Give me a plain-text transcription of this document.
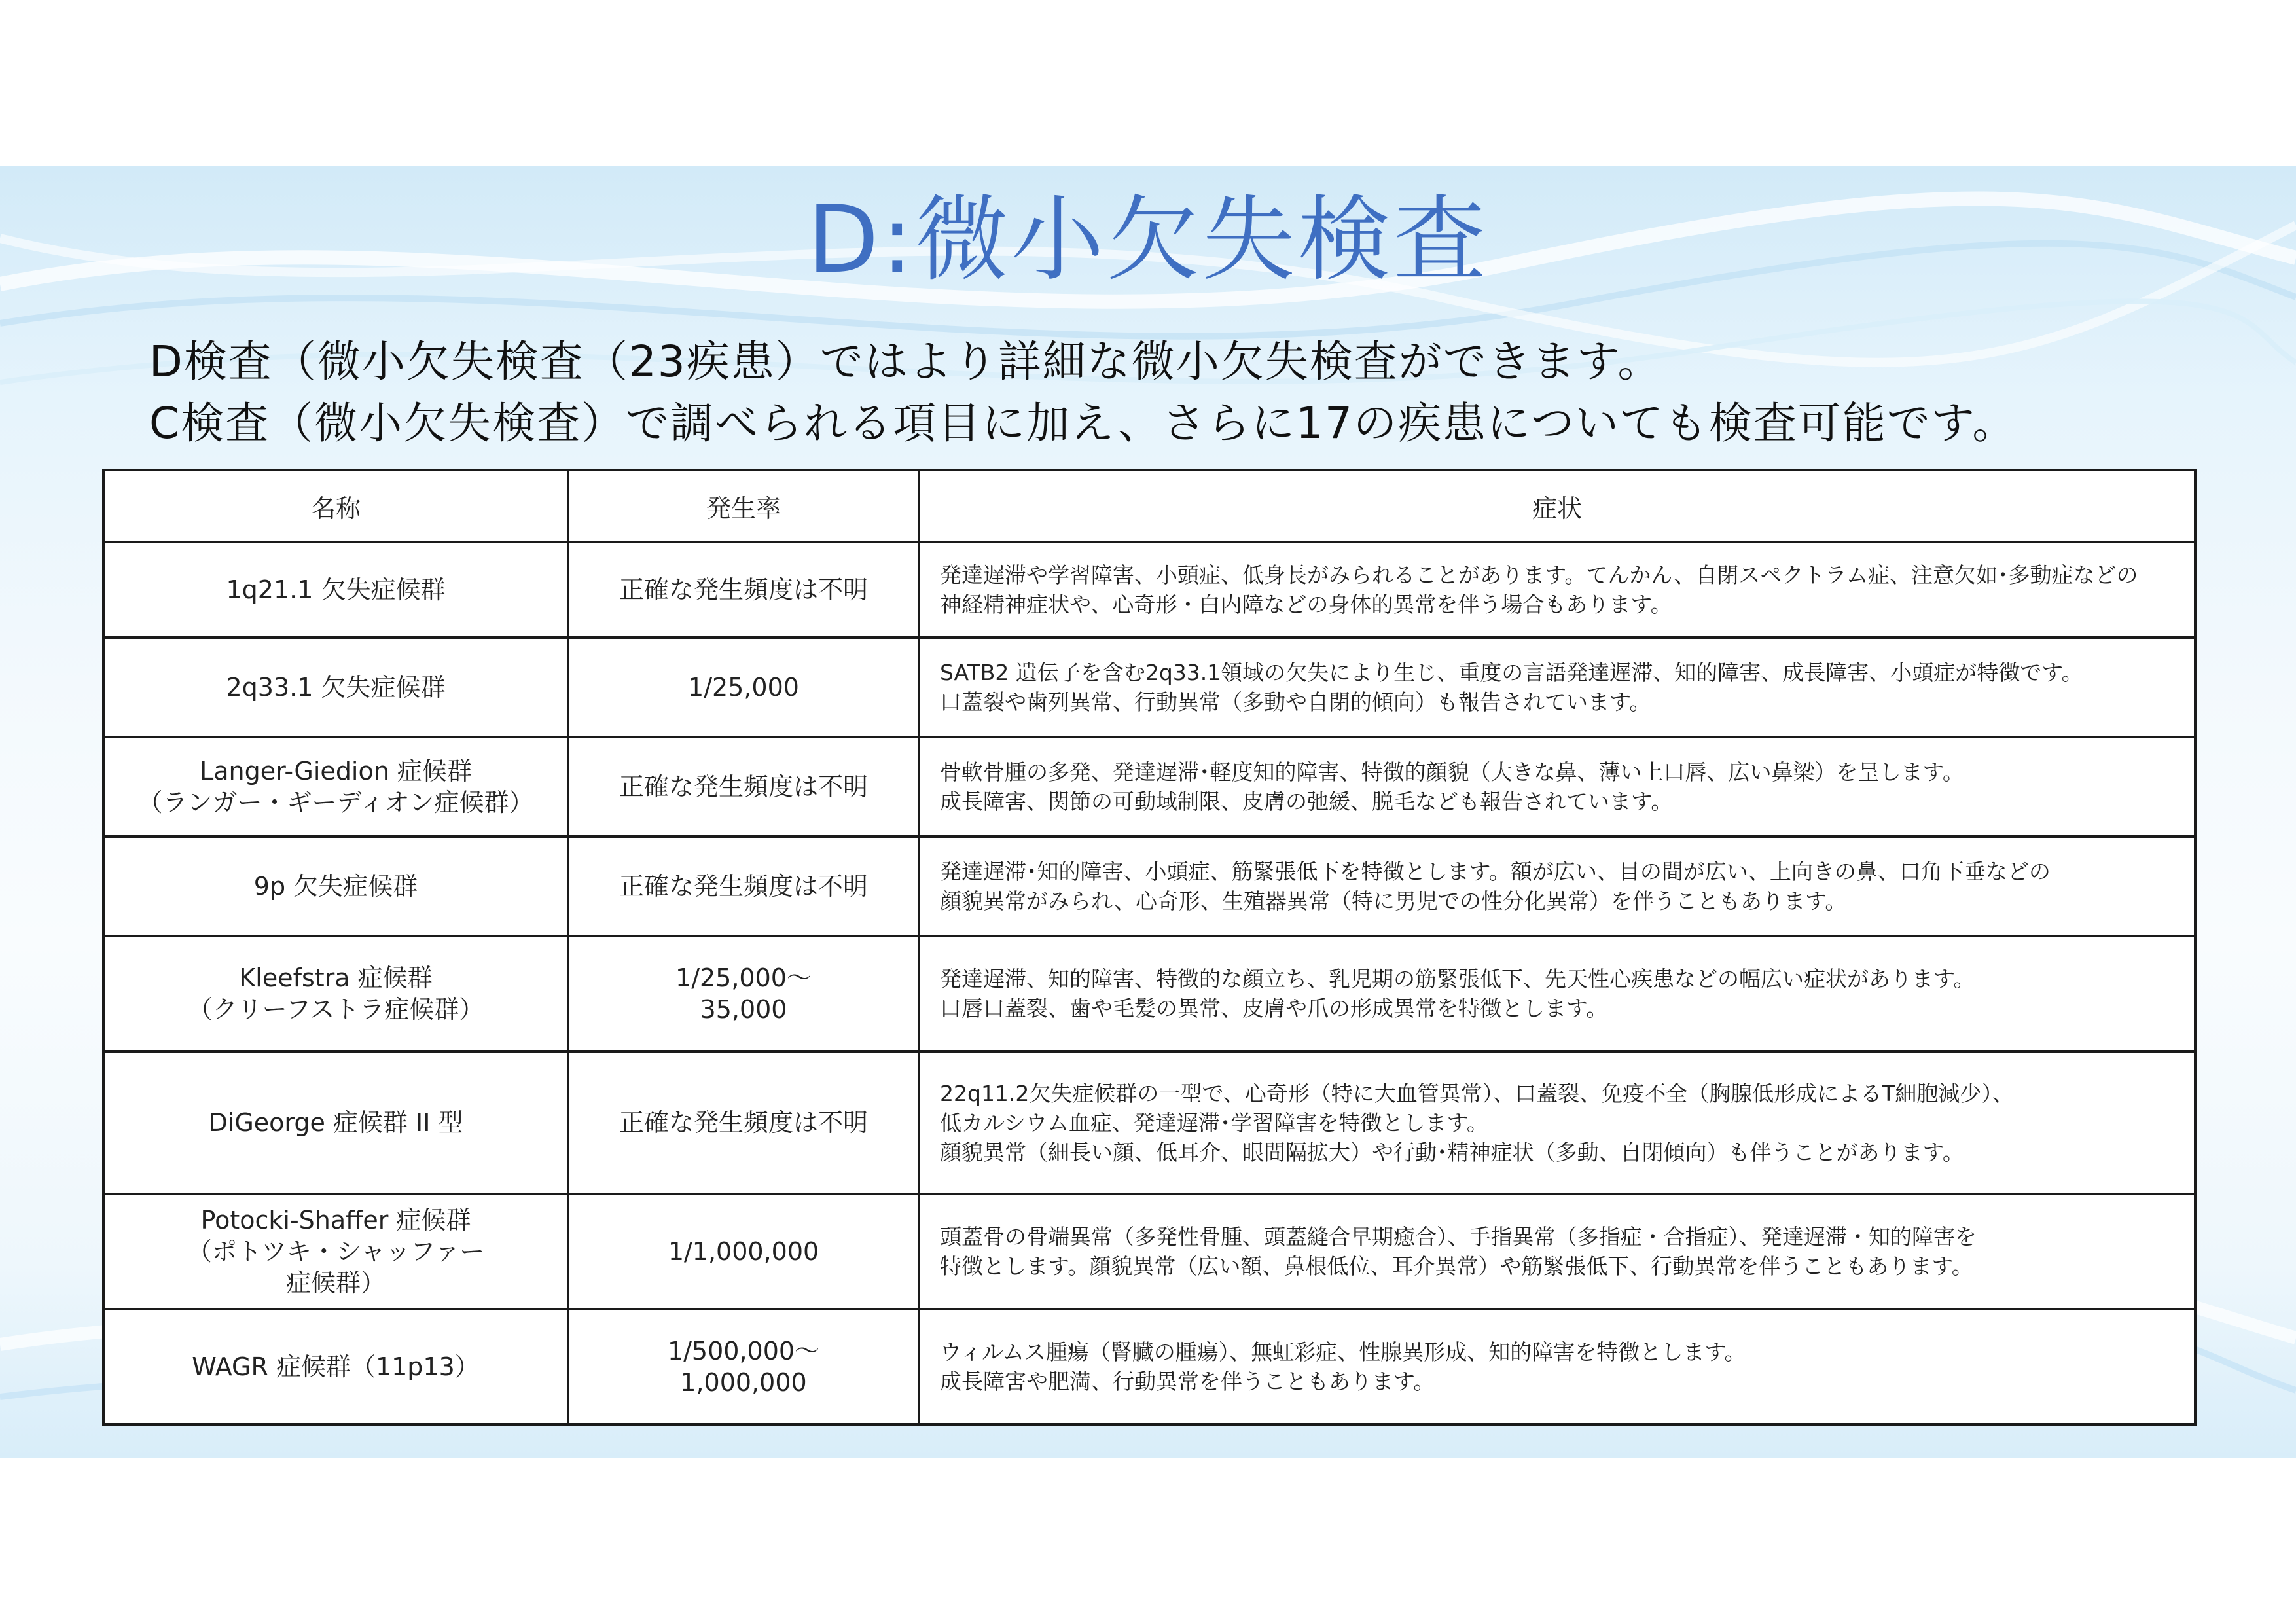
D:微小欠失検査
D検査（微小欠失検査（23疾患）ではより詳細な微小欠失検査ができます。
C検査（微小欠失検査）で調べられる項目に加え、さらに17の疾患についても検査可能です。
名称	発生率	症状

1q21.1 欠失症候群	正確な発生頻度は不明	発達遅滞や学習障害、小頭症、低身長がみられることがあります。てんかん、自閉スペクトラム症、注意欠如･多動症などの
神経精神症状や、心奇形・白内障などの身体的異常を伴う場合もあります。

2q33.1 欠失症候群	1/25,000	SATB2 遺伝子を含む2q33.1領域の欠失により生じ、重度の言語発達遅滞、知的障害、成長障害、小頭症が特徴です。
口蓋裂や歯列異常、行動異常（多動や自閉的傾向）も報告されています。

Langer-Giedion 症候群
（ランガー・ギーディオン症候群）	正確な発生頻度は不明	骨軟骨腫の多発、発達遅滞･軽度知的障害、特徴的顔貌（大きな鼻、薄い上口唇、広い鼻梁）を呈します。
成長障害、関節の可動域制限、皮膚の弛緩、脱毛なども報告されています。

9p 欠失症候群	正確な発生頻度は不明	発達遅滞･知的障害、小頭症、筋緊張低下を特徴とします。額が広い、目の間が広い、上向きの鼻、口角下垂などの
顔貌異常がみられ、心奇形、生殖器異常（特に男児での性分化異常）を伴うこともあります。

Kleefstra 症候群
（クリーフストラ症候群）	1/25,000～
35,000	発達遅滞、知的障害、特徴的な顔立ち、乳児期の筋緊張低下、先天性心疾患などの幅広い症状があります。
口唇口蓋裂、歯や毛髪の異常、皮膚や爪の形成異常を特徴とします。

DiGeorge 症候群 II 型	正確な発生頻度は不明	22q11.2欠失症候群の一型で、心奇形（特に大血管異常）、口蓋裂、免疫不全（胸腺低形成によるT細胞減少）、
低カルシウム血症、発達遅滞･学習障害を特徴とします。
顔貌異常（細長い顔、低耳介、眼間隔拡大）や行動･精神症状（多動、自閉傾向）も伴うことがあります。

Potocki-Shaffer 症候群
（ポトツキ・シャッファー
症候群）	1/1,000,000	頭蓋骨の骨端異常（多発性骨腫、頭蓋縫合早期癒合）、手指異常（多指症・合指症）、発達遅滞・知的障害を
特徴とします。顔貌異常（広い額、鼻根低位、耳介異常）や筋緊張低下、行動異常を伴うこともあります。

WAGR 症候群（11p13）	1/500,000～
1,000,000	ウィルムス腫瘍（腎臓の腫瘍）、無虹彩症、性腺異形成、知的障害を特徴とします。
成長障害や肥満、行動異常を伴うこともあります。
